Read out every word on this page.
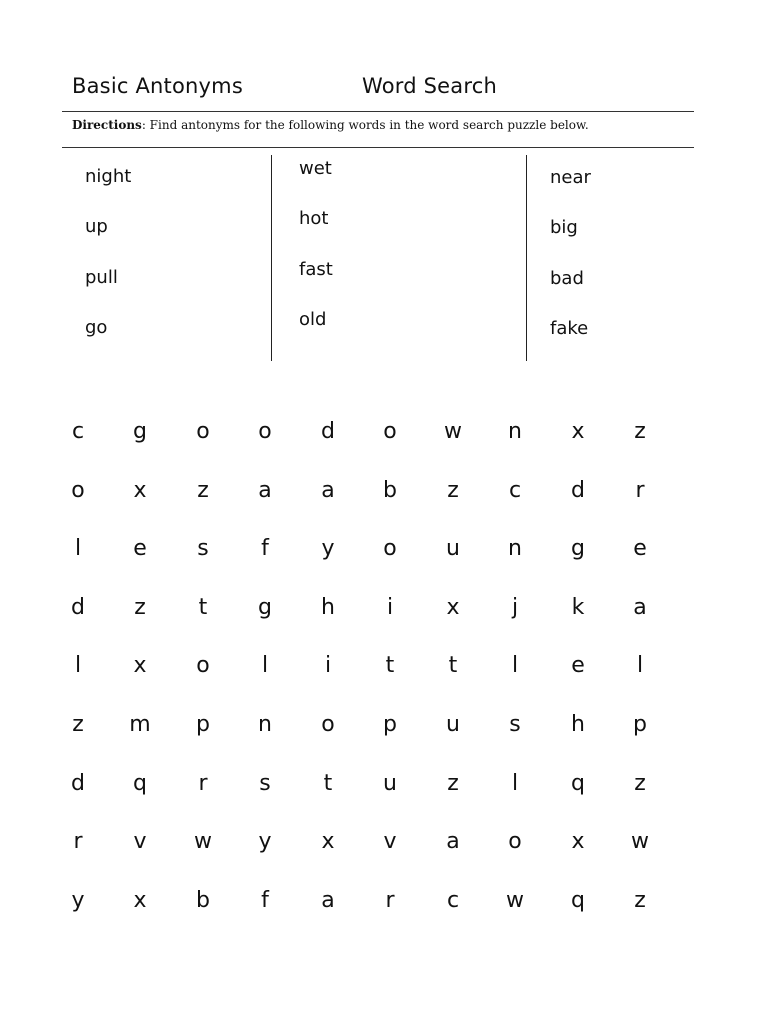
Basic Antonyms	Word Search
Directions: Find antonyms for the following words in the word search puzzle below.
night
up
pull
go
wet
hot
fast
old
near
big
bad
fake
c	g	o	o	d	o	w	n	x	z
o	x	z	a	a	b	z	c	d	r
l	e	s	f	y	o	u	n	g	e
d	z	t	g	h	i	x	j	k	a
l	x	o	l	i	t	t	l	e	l
z	m	p	n	o	p	u	s	h	p
d	q	r	s	t	u	z	l	q	z
r	v	w	y	x	v	a	o	x	w
y	x	b	f	a	r	c	w	q	z
